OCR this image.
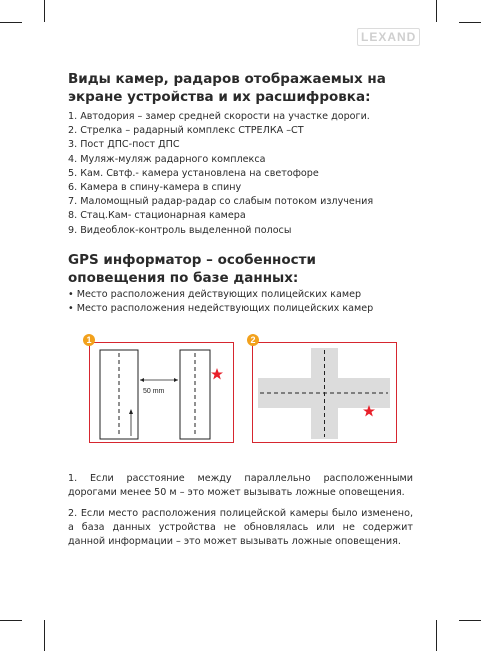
LEXAND
Виды камер, радаров отображаемых на экране устройства и их расшифровка:
1. Автодория – замер средней скорости на участке дороги.
2. Стрелка – радарный комплекс СТРЕЛКА –СТ
3. Пост ДПС-пост ДПС
4. Муляж-муляж радарного комплекса
5. Кам. Свтф.- камера установлена на светофоре
6. Камера в спину-камера в спину
7. Маломощный радар-радар со слабым потоком излучения
8. Стац.Кам- стационарная камера
9. Видеоблок-контроль выделенной полосы
GPS информатор – особенности оповещения по базе данных:
• Место расположения действующих полицейских камер
• Место расположения недействующих полицейских камер
50 mm
1	2

1. Если расстояние между параллельно расположенными дорогами менее 50 м – это может вызывать ложные оповещения.

2. Если место расположения полицейской камеры было изменено, а база данных устройства не обновлялась или не содержит данной информации – это может вызывать ложные оповещения.
